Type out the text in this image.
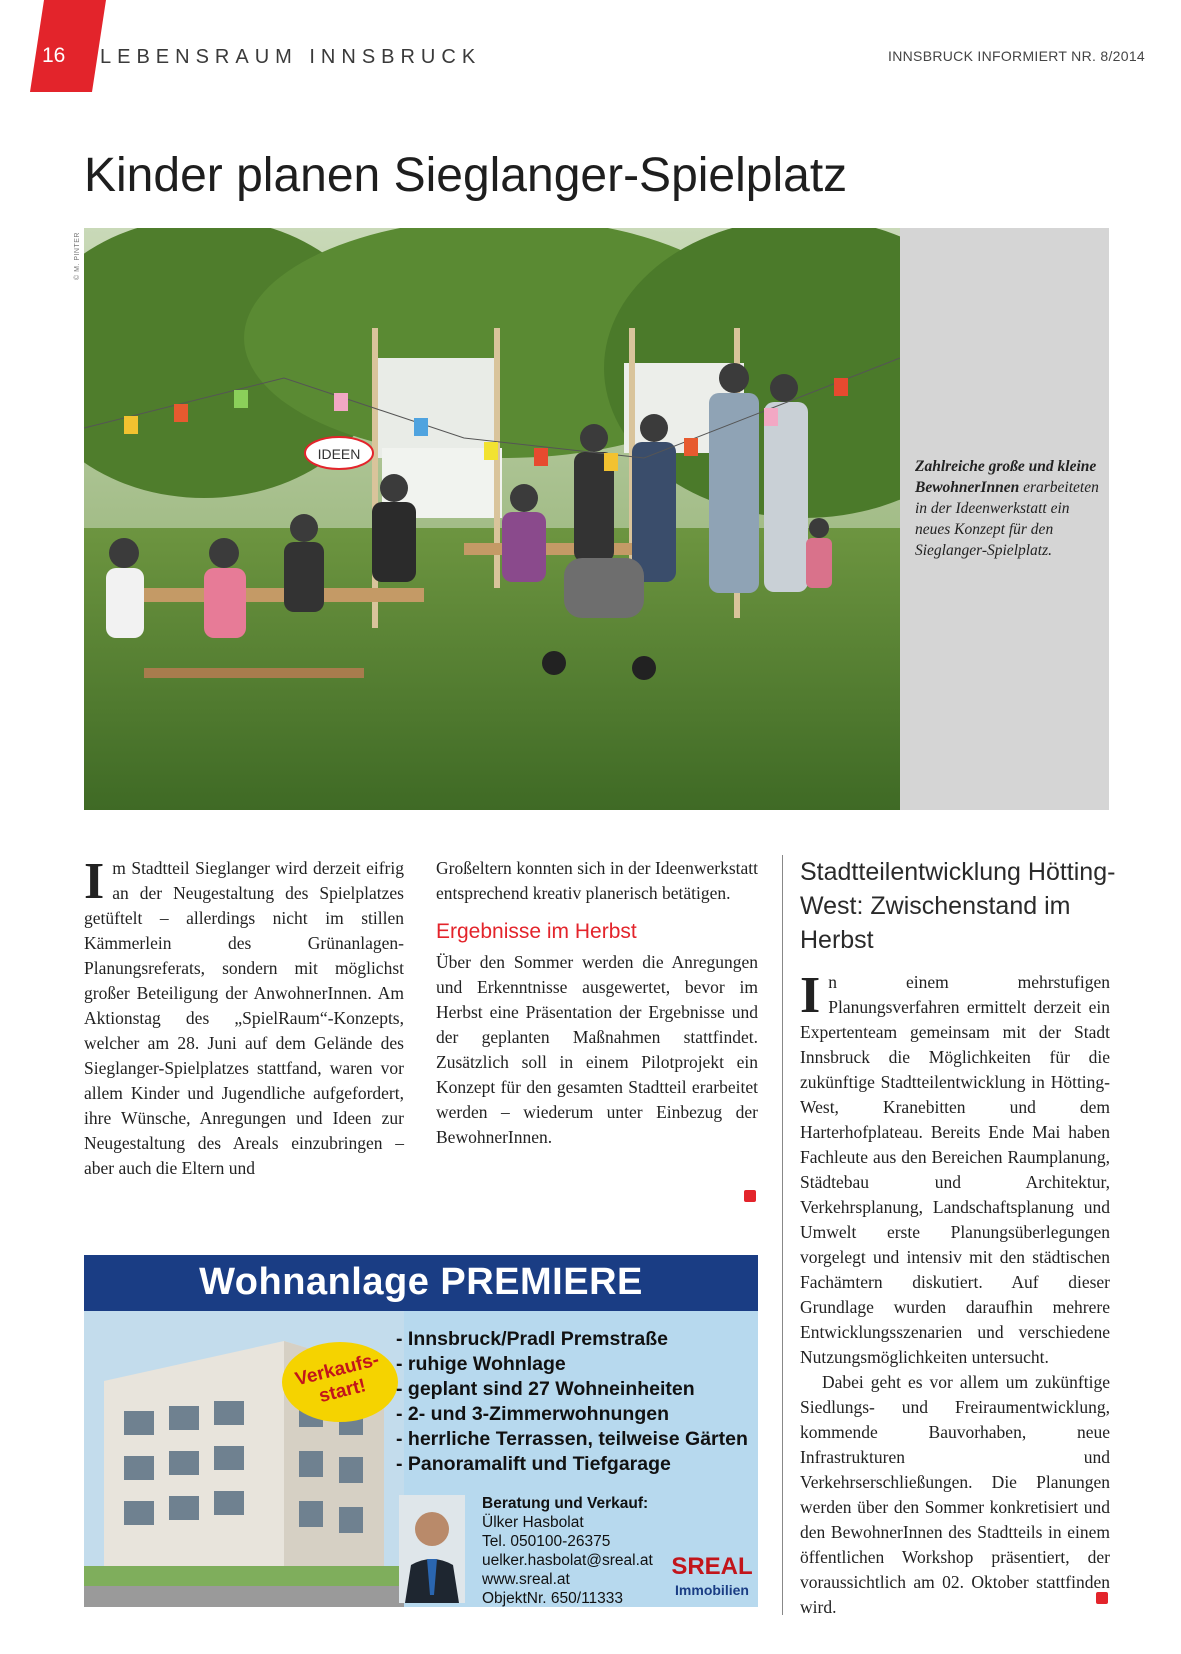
16 LEBENSRAUM INNSBRUCK	INNSBRUCK INFORMIERT NR. 8/2014
Kinder planen Sieglanger-Spielplatz
© M. PINTER
IDEEN
Zahlreiche große und kleine BewohnerInnen erarbeiteten in der Ideenwerkstatt ein neues Konzept für den Sieglanger-Spielplatz.
Im Stadtteil Sieglanger wird derzeit eifrig an der Neugestaltung des Spielplatzes getüftelt – allerdings nicht im stillen Kämmerlein des Grünanlagen-Planungsreferats, sondern mit möglichst großer Beteiligung der AnwohnerInnen. Am Aktionstag des „SpielRaum“-Konzepts, welcher am 28. Juni auf dem Gelände des Sieglanger-Spielplatzes stattfand, waren vor allem Kinder und Jugendliche aufgefordert, ihre Wünsche, Anregungen und Ideen zur Neugestaltung des Areals einzubringen – aber auch die Eltern und

Großeltern konnten sich in der Ideenwerkstatt entsprechend kreativ planerisch betätigen.

Ergebnisse im Herbst

Über den Sommer werden die Anregungen und Erkenntnisse ausgewertet, bevor im Herbst eine Präsentation der Ergebnisse und der geplanten Maßnahmen stattfindet. Zusätzlich soll in einem Pilotprojekt ein Konzept für den gesamten Stadtteil erarbeitet werden – wiederum unter Einbezug der BewohnerInnen.

Stadtteilentwicklung Hötting-West: Zwischenstand im Herbst

In einem mehrstufigen Planungsverfahren ermittelt derzeit ein Expertenteam gemeinsam mit der Stadt Innsbruck die Möglichkeiten für die zukünftige Stadtteilentwicklung in Hötting-West, Kranebitten und dem Harterhofplateau. Bereits Ende Mai haben Fachleute aus den Bereichen Raumplanung, Städtebau und Architektur, Verkehrsplanung, Landschaftsplanung und Umwelt erste Planungsüberlegungen vorgelegt und intensiv mit den städtischen Fachämtern diskutiert. Auf dieser Grundlage wurden daraufhin mehrere Entwicklungsszenarien und verschiedene Nutzungsmöglichkeiten untersucht.

Dabei geht es vor allem um zukünftige Siedlungs- und Freiraumentwicklung, kommende Bauvorhaben, neue Infrastrukturen und Verkehrserschließungen. Die Planungen werden über den Sommer konkretisiert und den BewohnerInnen des Stadtteils in einem öffentlichen Workshop präsentiert, der voraussichtlich am 02. Oktober stattfinden wird.

Wohnanlage PREMIERE
Verkaufs-start!
- Innsbruck/Pradl Premstraße
- ruhige Wohnlage
- geplant sind 27 Wohneinheiten
- 2- und 3-Zimmerwohnungen
- herrliche Terrassen, teilweise Gärten
- Panoramalift und Tiefgarage
Beratung und Verkauf:
Ülker Hasbolat
Tel. 050100-26375
uelker.hasbolat@sreal.at
www.sreal.at
ObjektNr. 650/11333
SREAL
Immobilien
